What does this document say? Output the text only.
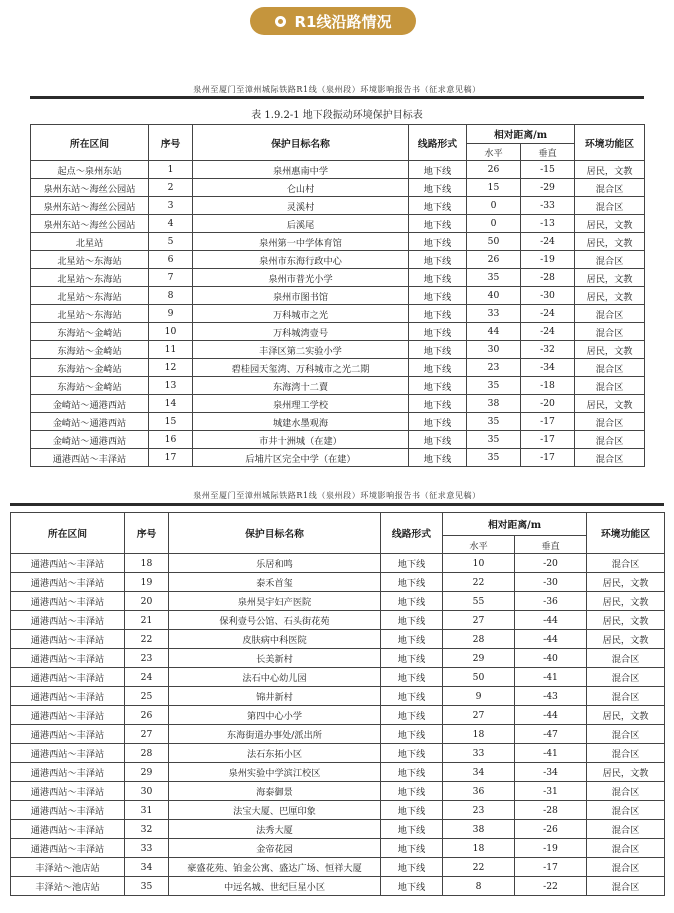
R1线沿路情况
泉州至厦门至漳州城际铁路R1线（泉州段）环境影响报告书（征求意见稿）
表 1.9.2-1 地下段振动环境保护目标表
所在区间	序号	保护目标名称	线路形式	相对距离/m		环境功能区
				水平	垂直	
起点～泉州东站	1	泉州惠南中学	地下线	26	-15	居民，文教
泉州东站～海丝公园站	2	仑山村	地下线	15	-29	混合区
泉州东站～海丝公园站	3	灵溪村	地下线	0	-33	混合区
泉州东站～海丝公园站	4	后溪尾	地下线	0	-13	居民，文教
北星站	5	泉州第一中学体育馆	地下线	50	-24	居民，文教
北星站～东海站	6	泉州市东海行政中心	地下线	26	-19	混合区
北星站～东海站	7	泉州市普光小学	地下线	35	-28	居民，文教
北星站～东海站	8	泉州市图书馆	地下线	40	-30	居民，文教
北星站～东海站	9	万科城市之光	地下线	33	-24	混合区
东海站～金崎站	10	万科城湾壹号	地下线	44	-24	混合区
东海站～金崎站	11	丰泽区第二实验小学	地下线	30	-32	居民，文教
东海站～金崎站	12	碧桂园天玺湾、万科城市之光二期	地下线	23	-34	混合区
东海站～金崎站	13	东海湾十二賣	地下线	35	-18	混合区
金崎站～通港西站	14	泉州理工学校	地下线	38	-20	居民，文教
金崎站～通港西站	15	城建水墨观海	地下线	35	-17	混合区
金崎站～通港西站	16	市井十洲城（在建）	地下线	35	-17	混合区
通港西站～丰泽站	17	后埔片区完全中学（在建）	地下线	35	-17	混合区
泉州至厦门至漳州城际铁路R1线（泉州段）环境影响报告书（征求意见稿）
所在区间	序号	保护目标名称	线路形式	相对距离/m		环境功能区
				水平	垂直	
通港西站～丰泽站	18	乐居和鸣	地下线	10	-20	混合区
通港西站～丰泽站	19	泰禾首玺	地下线	22	-30	居民，文教
通港西站～丰泽站	20	泉州昊宇妇产医院	地下线	55	-36	居民，文教
通港西站～丰泽站	21	保利壹号公馆、石头街花苑	地下线	27	-44	居民，文教
通港西站～丰泽站	22	皮肤病中科医院	地下线	28	-44	居民，文教
通港西站～丰泽站	23	长美新村	地下线	29	-40	混合区
通港西站～丰泽站	24	法石中心幼儿园	地下线	50	-41	混合区
通港西站～丰泽站	25	锦井新村	地下线	9	-43	混合区
通港西站～丰泽站	26	第四中心小学	地下线	27	-44	居民，文教
通港西站～丰泽站	27	东海街道办事处/派出所	地下线	18	-47	混合区
通港西站～丰泽站	28	法石东拓小区	地下线	33	-41	混合区
通港西站～丰泽站	29	泉州实验中学滨江校区	地下线	34	-34	居民，文教
通港西站～丰泽站	30	海泰御景	地下线	36	-31	混合区
通港西站～丰泽站	31	法宝大厦、巴厘印象	地下线	23	-28	混合区
通港西站～丰泽站	32	法秀大厦	地下线	38	-26	混合区
通港西站～丰泽站	33	金帝花园	地下线	18	-19	混合区
丰泽站～池店站	34	豪盛花苑、铂金公寓、盛达广场、恒祥大厦	地下线	22	-17	混合区
丰泽站～池店站	35	中远名城、世纪巨星小区	地下线	8	-22	混合区
